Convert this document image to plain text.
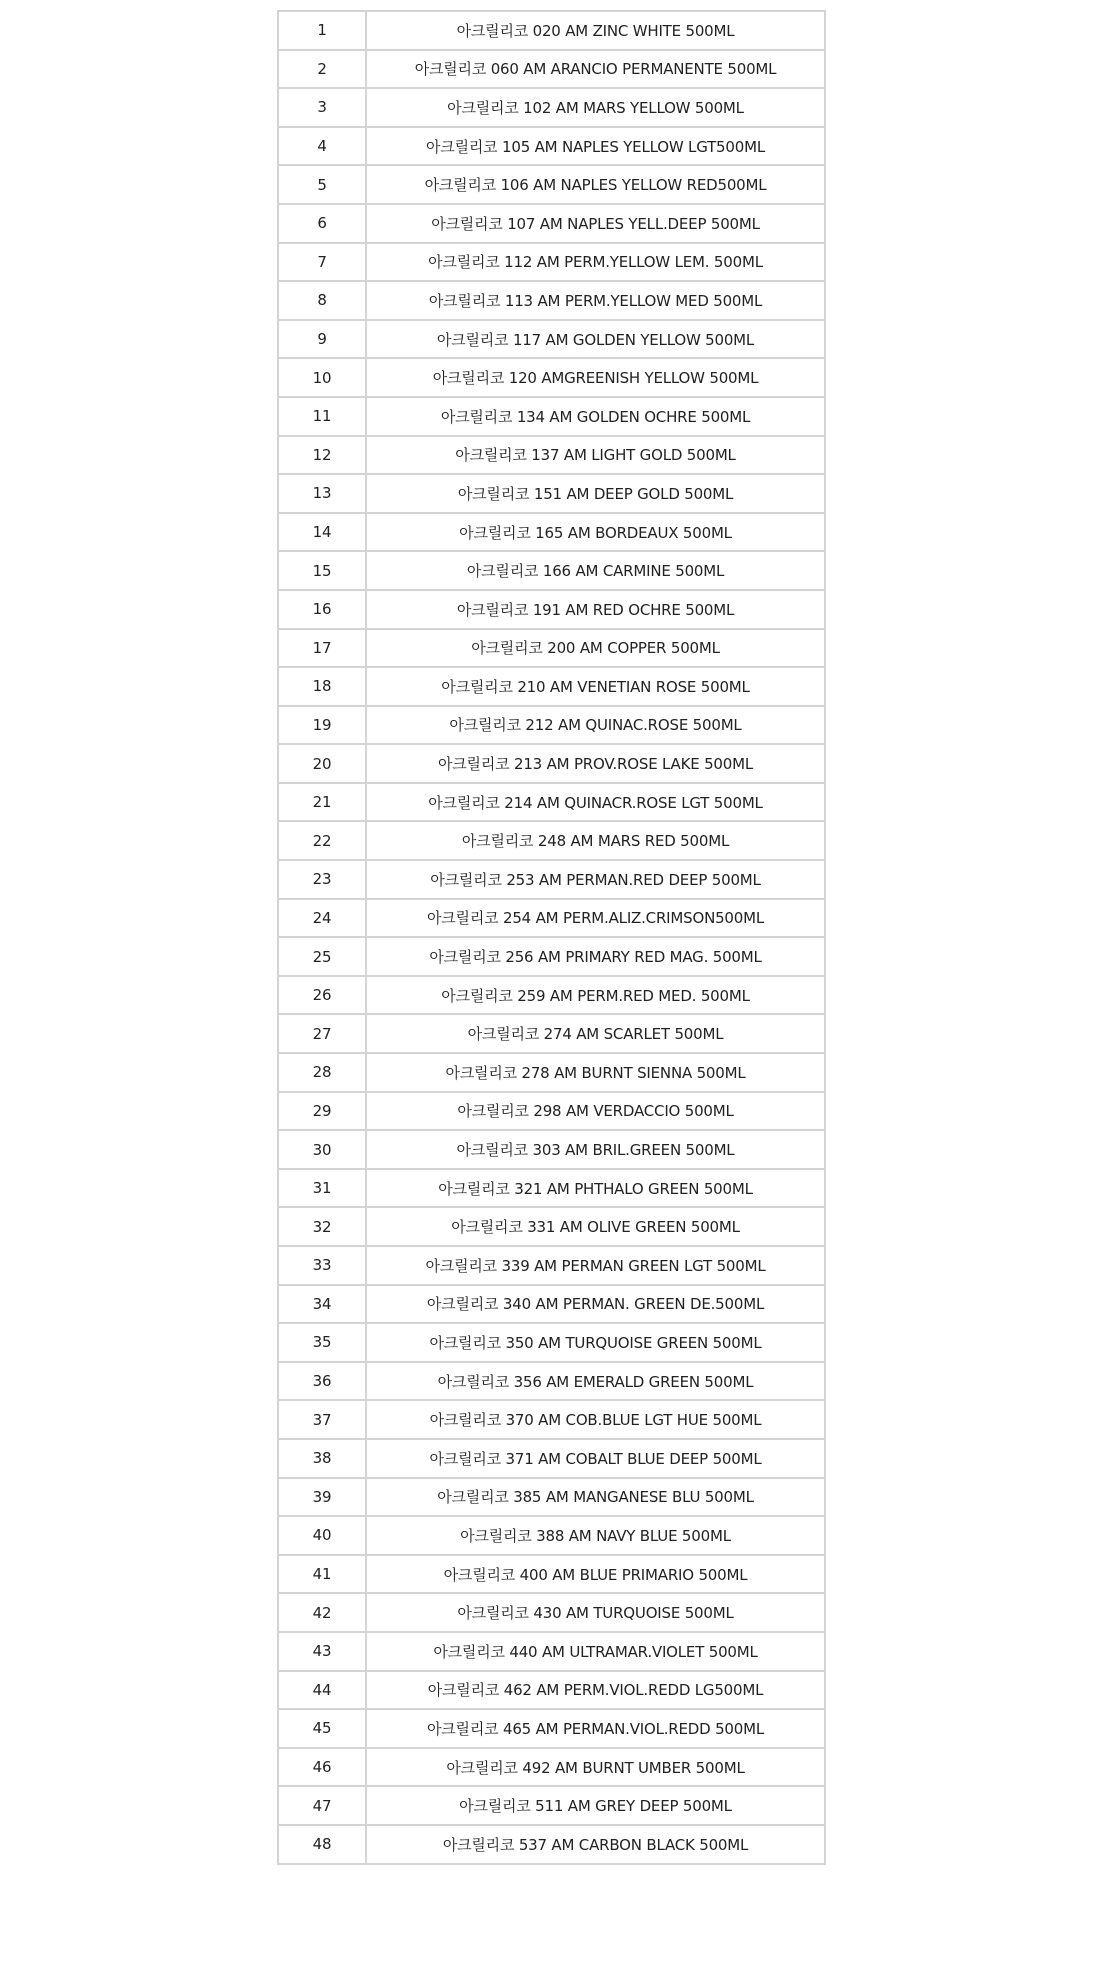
1	아크릴리코 020 AM ZINC WHITE 500ML
2	아크릴리코 060 AM ARANCIO PERMANENTE 500ML
3	아크릴리코 102 AM MARS YELLOW 500ML
4	아크릴리코 105 AM NAPLES YELLOW LGT500ML
5	아크릴리코 106 AM NAPLES YELLOW RED500ML
6	아크릴리코 107 AM NAPLES YELL.DEEP 500ML
7	아크릴리코 112 AM PERM.YELLOW LEM. 500ML
8	아크릴리코 113 AM PERM.YELLOW MED 500ML
9	아크릴리코 117 AM GOLDEN YELLOW 500ML
10	아크릴리코 120 AMGREENISH YELLOW 500ML
11	아크릴리코 134 AM GOLDEN OCHRE 500ML
12	아크릴리코 137 AM LIGHT GOLD 500ML
13	아크릴리코 151 AM DEEP GOLD 500ML
14	아크릴리코 165 AM BORDEAUX 500ML
15	아크릴리코 166 AM CARMINE 500ML
16	아크릴리코 191 AM RED OCHRE 500ML
17	아크릴리코 200 AM COPPER 500ML
18	아크릴리코 210 AM VENETIAN ROSE 500ML
19	아크릴리코 212 AM QUINAC.ROSE 500ML
20	아크릴리코 213 AM PROV.ROSE LAKE 500ML
21	아크릴리코 214 AM QUINACR.ROSE LGT 500ML
22	아크릴리코 248 AM MARS RED 500ML
23	아크릴리코 253 AM PERMAN.RED DEEP 500ML
24	아크릴리코 254 AM PERM.ALIZ.CRIMSON500ML
25	아크릴리코 256 AM PRIMARY RED MAG. 500ML
26	아크릴리코 259 AM PERM.RED MED. 500ML
27	아크릴리코 274 AM SCARLET 500ML
28	아크릴리코 278 AM BURNT SIENNA 500ML
29	아크릴리코 298 AM VERDACCIO 500ML
30	아크릴리코 303 AM BRIL.GREEN 500ML
31	아크릴리코 321 AM PHTHALO GREEN 500ML
32	아크릴리코 331 AM OLIVE GREEN 500ML
33	아크릴리코 339 AM PERMAN GREEN LGT 500ML
34	아크릴리코 340 AM PERMAN. GREEN DE.500ML
35	아크릴리코 350 AM TURQUOISE GREEN 500ML
36	아크릴리코 356 AM EMERALD GREEN 500ML
37	아크릴리코 370 AM COB.BLUE LGT HUE 500ML
38	아크릴리코 371 AM COBALT BLUE DEEP 500ML
39	아크릴리코 385 AM MANGANESE BLU 500ML
40	아크릴리코 388 AM NAVY BLUE 500ML
41	아크릴리코 400 AM BLUE PRIMARIO 500ML
42	아크릴리코 430 AM TURQUOISE 500ML
43	아크릴리코 440 AM ULTRAMAR.VIOLET 500ML
44	아크릴리코 462 AM PERM.VIOL.REDD LG500ML
45	아크릴리코 465 AM PERMAN.VIOL.REDD 500ML
46	아크릴리코 492 AM BURNT UMBER 500ML
47	아크릴리코 511 AM GREY DEEP 500ML
48	아크릴리코 537 AM CARBON BLACK 500ML
